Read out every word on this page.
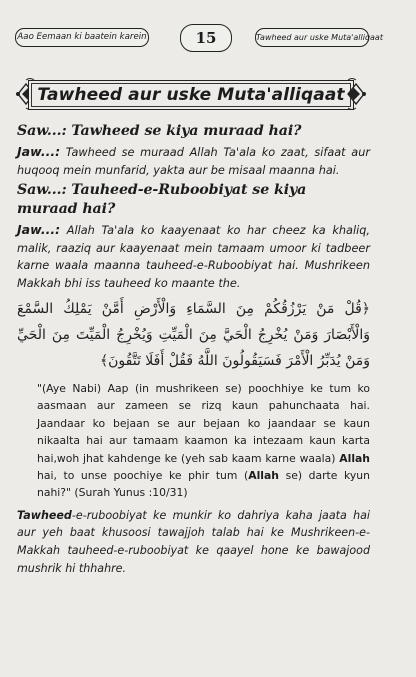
Aao Eemaan ki baatein karein	15	Tawheed aur uske Muta'alliqaat
Tawheed aur uske Muta'alliqaat

Saw...: Tawheed se kiya muraad hai?

Jaw...: Tawheed se muraad Allah Ta'ala ko zaat, sifaat aur huqooq mein munfarid, yakta aur be misaal maanna hai.

Saw...: Tauheed-e-Ruboobiyat se kiya muraad hai?

Jaw...: Allah Ta'ala ko kaayenaat ko har cheez ka khaliq, malik, raaziq aur kaayenaat mein tamaam umoor ki tadbeer karne waala maanna tauheed-e-Ruboobiyat hai. Mushrikeen Makkah bhi iss tauheed ko maante the.

﴿قُلْ مَنْ يَرْزُقُكُمْ مِنَ السَّمَاءِ وَالْأَرْضِ أَمَّنْ يَمْلِكُ السَّمْعَ وَالْأَبْصَارَ وَمَنْ يُخْرِجُ الْحَيَّ مِنَ الْمَيِّتِ وَيُخْرِجُ الْمَيِّتَ مِنَ الْحَيِّ وَمَنْ يُدَبِّرُ الْأَمْرَ فَسَيَقُولُونَ اللَّهُ فَقُلْ أَفَلَا تَتَّقُونَ﴾

"(Aye Nabi) Aap (in mushrikeen se) poochhiye ke tum ko aasmaan aur zameen se rizq kaun pahunchaata hai. Jaandaar ko bejaan se aur bejaan ko jaandaar se kaun nikaalta hai aur tamaam kaamon ka intezaam kaun karta hai,woh jhat kahdenge ke (yeh sab kaam karne waala) Allah hai, to unse poochiye ke phir tum (Allah se) darte kyun nahi?" (Surah Yunus :10/31)

Tawheed-e-ruboobiyat ke munkir ko dahriya kaha jaata hai aur yeh baat khusoosi tawajjoh talab hai ke Mushrikeen-e-Makkah tauheed-e-ruboobiyat ke qaayel hone ke bawajood mushrik hi thhahre.
